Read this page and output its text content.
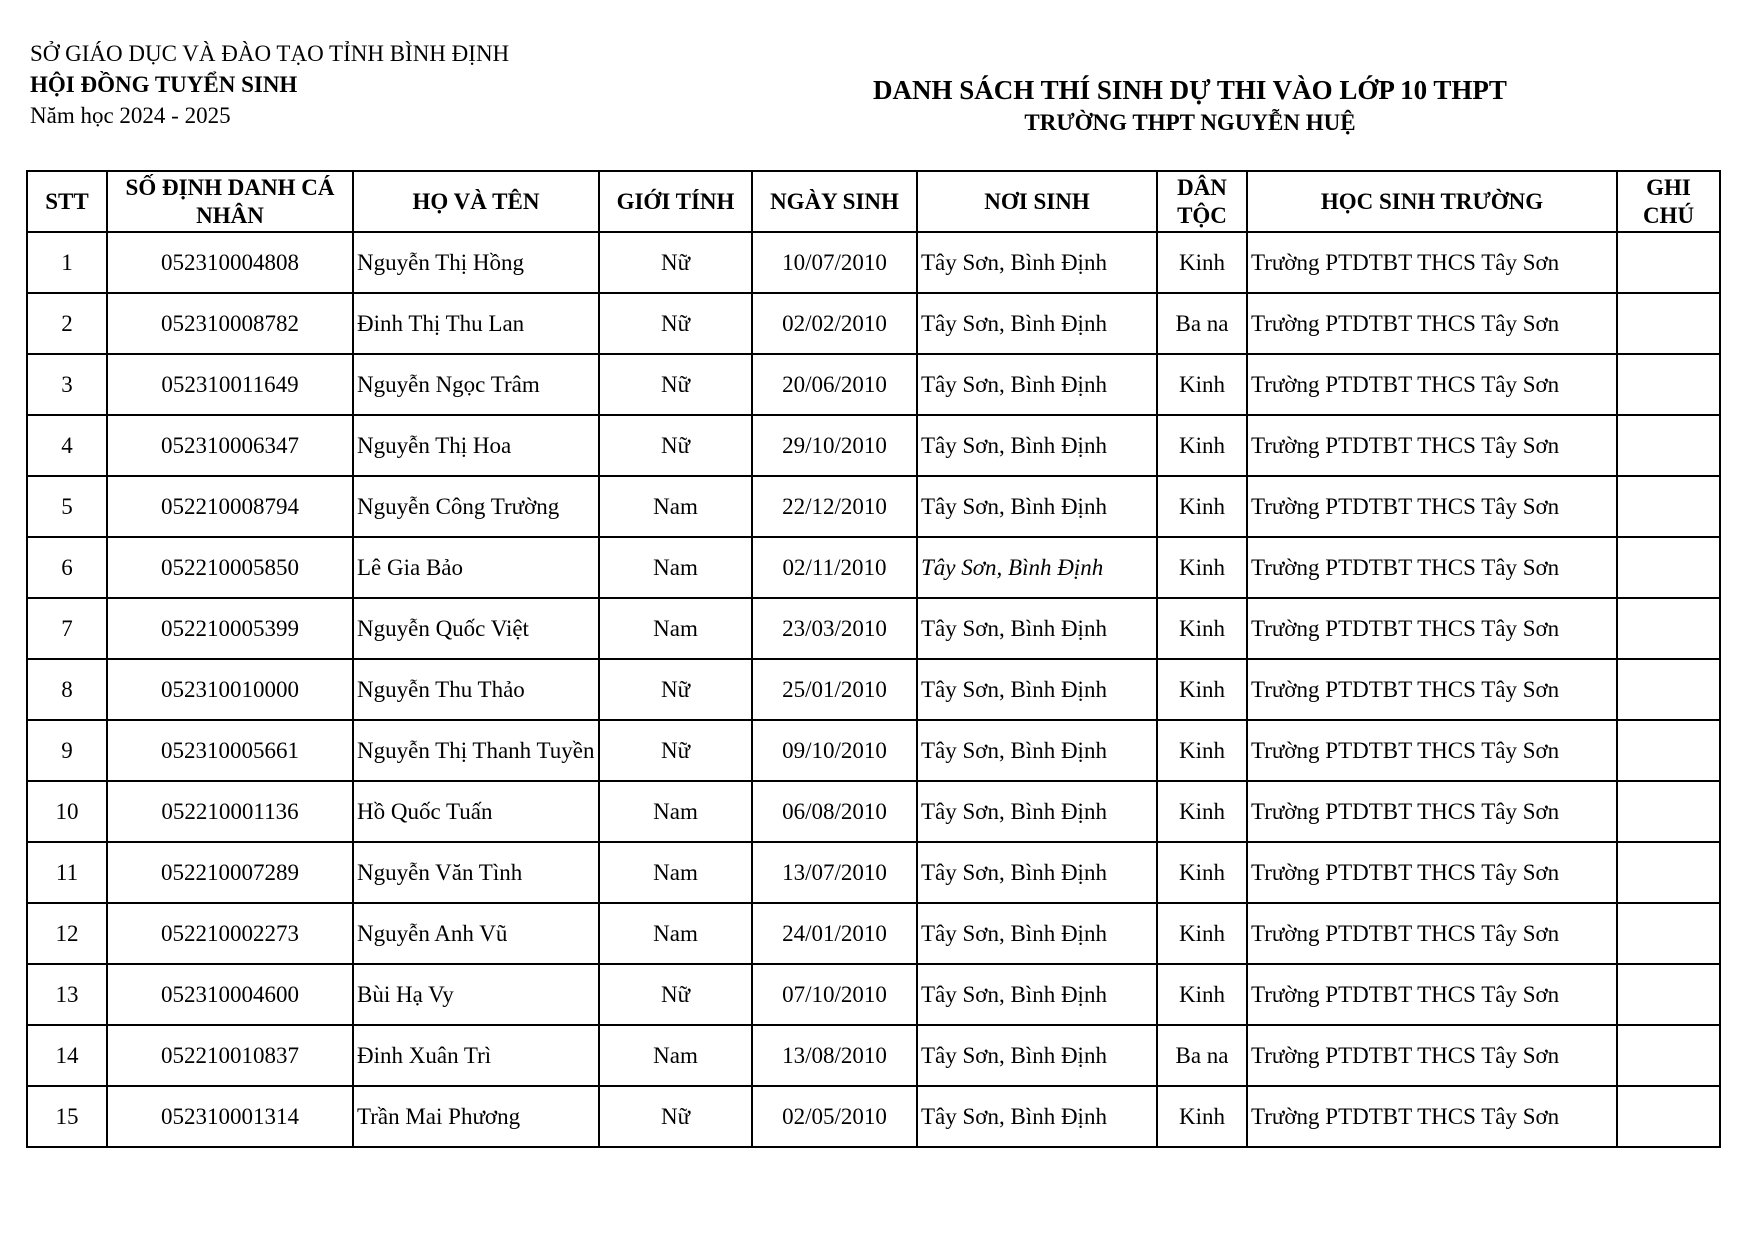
SỞ GIÁO DỤC VÀ ĐÀO TẠO TỈNH BÌNH ĐỊNH
HỘI ĐỒNG TUYỂN SINH
Năm học 2024 - 2025
DANH SÁCH THÍ SINH DỰ THI VÀO LỚP 10 THPT
TRƯỜNG THPT NGUYỄN HUỆ
STT	SỐ ĐỊNH DANH CÁ NHÂN	HỌ VÀ TÊN	GIỚI TÍNH	NGÀY SINH	NƠI SINH	DÂN TỘC	HỌC SINH TRƯỜNG	GHI CHÚ
1	052310004808	Nguyễn Thị Hồng	Nữ	10/07/2010	Tây Sơn, Bình Định	Kinh	Trường PTDTBT THCS Tây Sơn	
2	052310008782	Đinh Thị Thu Lan	Nữ	02/02/2010	Tây Sơn, Bình Định	Ba na	Trường PTDTBT THCS Tây Sơn	
3	052310011649	Nguyễn Ngọc Trâm	Nữ	20/06/2010	Tây Sơn, Bình Định	Kinh	Trường PTDTBT THCS Tây Sơn	
4	052310006347	Nguyễn Thị Hoa	Nữ	29/10/2010	Tây Sơn, Bình Định	Kinh	Trường PTDTBT THCS Tây Sơn	
5	052210008794	Nguyễn Công Trường	Nam	22/12/2010	Tây Sơn, Bình Định	Kinh	Trường PTDTBT THCS Tây Sơn	
6	052210005850	Lê Gia Bảo	Nam	02/11/2010	Tây Sơn, Bình Định	Kinh	Trường PTDTBT THCS Tây Sơn	
7	052210005399	Nguyễn Quốc Việt	Nam	23/03/2010	Tây Sơn, Bình Định	Kinh	Trường PTDTBT THCS Tây Sơn	
8	052310010000	Nguyễn Thu Thảo	Nữ	25/01/2010	Tây Sơn, Bình Định	Kinh	Trường PTDTBT THCS Tây Sơn	
9	052310005661	Nguyễn Thị Thanh Tuyền	Nữ	09/10/2010	Tây Sơn, Bình Định	Kinh	Trường PTDTBT THCS Tây Sơn	
10	052210001136	Hồ Quốc Tuấn	Nam	06/08/2010	Tây Sơn, Bình Định	Kinh	Trường PTDTBT THCS Tây Sơn	
11	052210007289	Nguyễn Văn Tình	Nam	13/07/2010	Tây Sơn, Bình Định	Kinh	Trường PTDTBT THCS Tây Sơn	
12	052210002273	Nguyễn Anh Vũ	Nam	24/01/2010	Tây Sơn, Bình Định	Kinh	Trường PTDTBT THCS Tây Sơn	
13	052310004600	Bùi Hạ Vy	Nữ	07/10/2010	Tây Sơn, Bình Định	Kinh	Trường PTDTBT THCS Tây Sơn	
14	052210010837	Đinh Xuân Trì	Nam	13/08/2010	Tây Sơn, Bình Định	Ba na	Trường PTDTBT THCS Tây Sơn	
15	052310001314	Trần Mai Phương	Nữ	02/05/2010	Tây Sơn, Bình Định	Kinh	Trường PTDTBT THCS Tây Sơn	
